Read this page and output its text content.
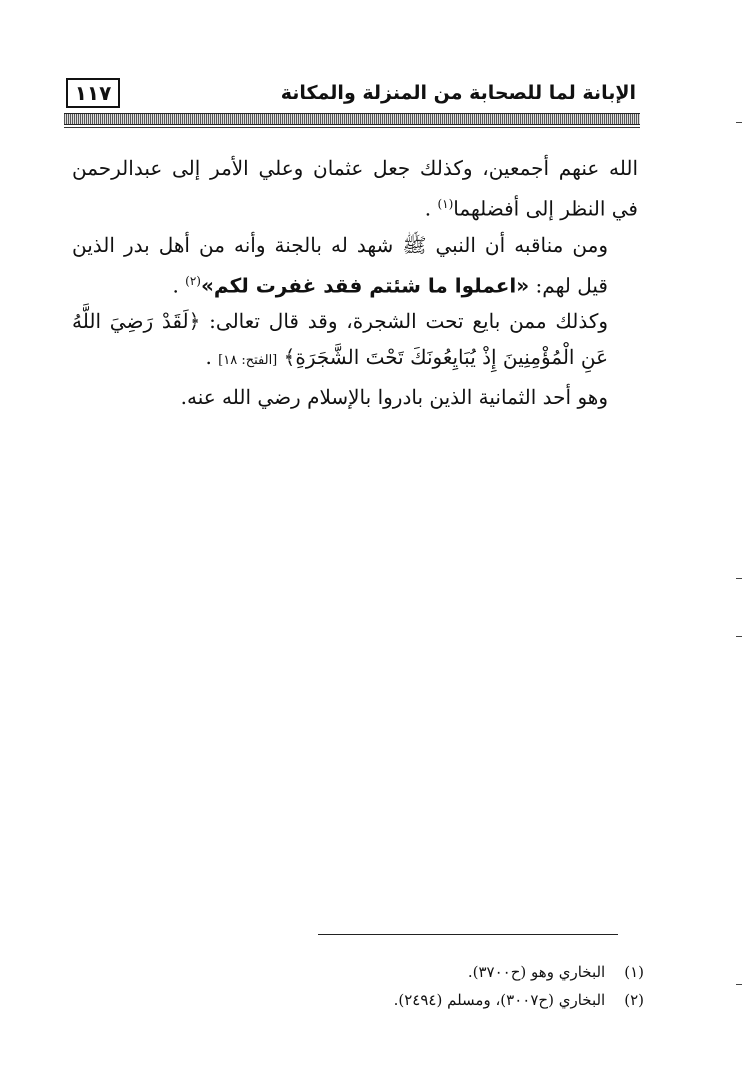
١١٧	الإبانة لما للصحابة من المنزلة والمكانة

الله عنهم أجمعين، وكذلك جعل عثمان وعلي الأمر إلى عبدالرحمن في النظر إلى أفضلهما$^{(١)}$ .

ومن مناقبه أن النبي ﷺ شهد له بالجنة وأنه من أهل بدر الذين قيل لهم: «اعملوا ما شئتم فقد غفرت لكم»$^{(٢)}$ .

وكذلك ممن بايع تحت الشجرة، وقد قال تعالى: ﴿لَقَدْ رَضِيَ اللَّهُ عَنِ الْمُؤْمِنِينَ إِذْ يُبَايِعُونَكَ تَحْتَ الشَّجَرَةِ﴾ [الفتح: ١٨] .

وهو أحد الثمانية الذين بادروا بالإسلام رضي الله عنه.

(١) البخاري وهو (ح٣٧٠٠).
(٢) البخاري (ح٣٠٠٧)، ومسلم (٢٤٩٤).
